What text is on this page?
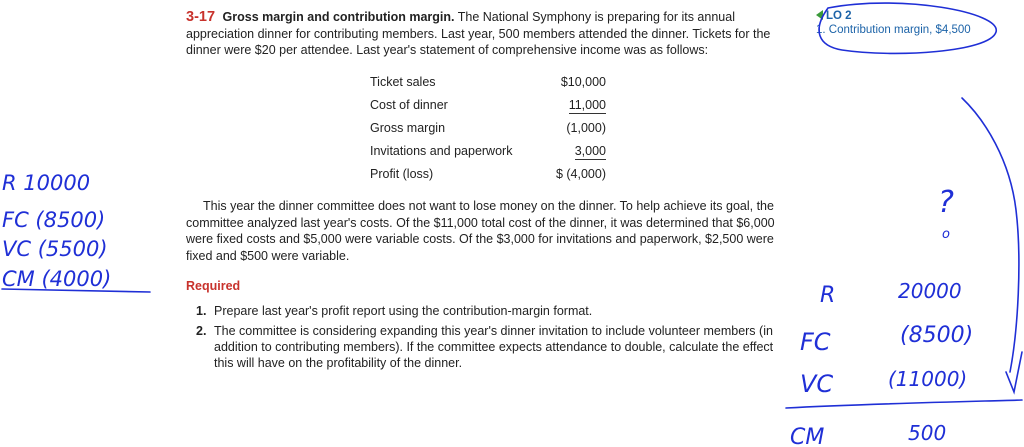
3-17 Gross margin and contribution margin. The National Symphony is preparing for its annual appreciation dinner for contributing members. Last year, 500 members attended the dinner. Tickets for the dinner were $20 per attendee. Last year's statement of comprehensive income was as follows:
LO 2
1. Contribution margin, $4,500
Ticket sales	$10,000
Cost of dinner	11,000
Gross margin	(1,000)
Invitations and paperwork	3,000
Profit (loss)	$ (4,000)
This year the dinner committee does not want to lose money on the dinner. To help achieve its goal, the committee analyzed last year's costs. Of the $11,000 total cost of the dinner, it was determined that $6,000 were fixed costs and $5,000 were variable costs. Of the $3,000 for invitations and paperwork, $2,500 were fixed and $500 were variable.
Required
1. Prepare last year's profit report using the contribution-margin format.
2. The committee is considering expanding this year's dinner invitation to include volunteer members (in addition to contributing members). If the committee expects attendance to double, calculate the effect this will have on the profitability of the dinner.
R 10000
FC (8500)
VC (5500)
CM (4000)
?
o
R	20000
FC	(8500)
VC	(11000)
CM	500
